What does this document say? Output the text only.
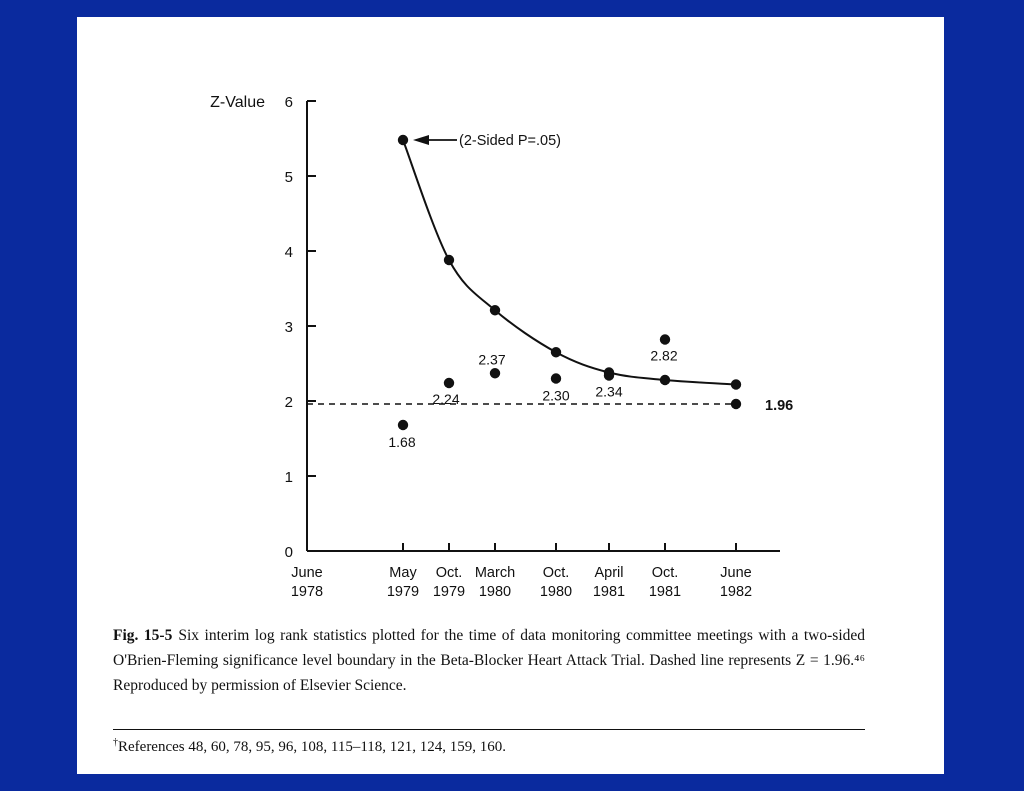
0
1
2
3
4
5
6
Z-Value
June
1978
May
1979
Oct.
1979
March
1980
Oct.
1980
April
1981
Oct.
1981
June
1982
1.96
1.68
2.24
2.37
2.30 2.34
2.82
(2-Sided P=.05)
Fig. 15-5 Six interim log rank statistics plotted for the time of data monitoring committee meetings with a two-sided O'Brien-Fleming significance level boundary in the Beta-Blocker Heart Attack Trial. Dashed line represents Z = 1.96.⁴⁶ Reproduced by permission of Elsevier Science.
†References 48, 60, 78, 95, 96, 108, 115–118, 121, 124, 159, 160.
